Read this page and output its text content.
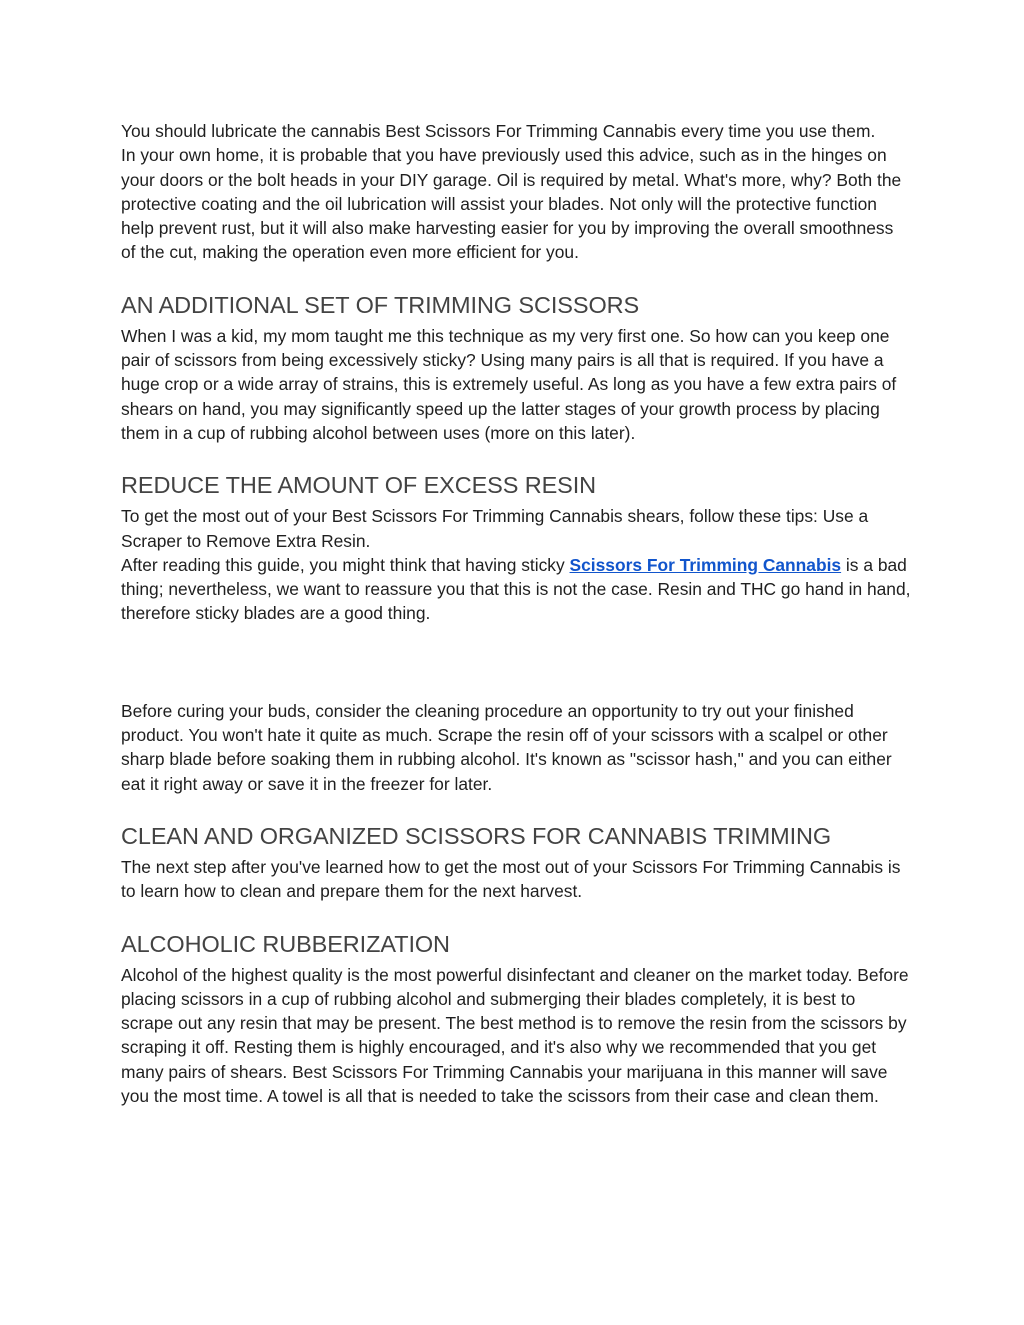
You should lubricate the cannabis Best Scissors For Trimming Cannabis every time you use them.

In your own home, it is probable that you have previously used this advice, such as in the hinges on your doors or the bolt heads in your DIY garage. Oil is required by metal. What's more, why? Both the protective coating and the oil lubrication will assist your blades. Not only will the protective function help prevent rust, but it will also make harvesting easier for you by improving the overall smoothness of the cut, making the operation even more efficient for you.

AN ADDITIONAL SET OF TRIMMING SCISSORS

When I was a kid, my mom taught me this technique as my very first one. So how can you keep one pair of scissors from being excessively sticky? Using many pairs is all that is required. If you have a huge crop or a wide array of strains, this is extremely useful. As long as you have a few extra pairs of shears on hand, you may significantly speed up the latter stages of your growth process by placing them in a cup of rubbing alcohol between uses (more on this later).

REDUCE THE AMOUNT OF EXCESS RESIN

To get the most out of your Best Scissors For Trimming Cannabis shears, follow these tips: Use a Scraper to Remove Extra Resin.

After reading this guide, you might think that having sticky Scissors For Trimming Cannabis is a bad thing; nevertheless, we want to reassure you that this is not the case. Resin and THC go hand in hand, therefore sticky blades are a good thing.

Before curing your buds, consider the cleaning procedure an opportunity to try out your finished product. You won't hate it quite as much. Scrape the resin off of your scissors with a scalpel or other sharp blade before soaking them in rubbing alcohol. It's known as "scissor hash," and you can either eat it right away or save it in the freezer for later.

CLEAN AND ORGANIZED SCISSORS FOR CANNABIS TRIMMING

The next step after you've learned how to get the most out of your Scissors For Trimming Cannabis is to learn how to clean and prepare them for the next harvest.

ALCOHOLIC RUBBERIZATION

Alcohol of the highest quality is the most powerful disinfectant and cleaner on the market today. Before placing scissors in a cup of rubbing alcohol and submerging their blades completely, it is best to scrape out any resin that may be present. The best method is to remove the resin from the scissors by scraping it off. Resting them is highly encouraged, and it's also why we recommended that you get many pairs of shears. Best Scissors For Trimming Cannabis your marijuana in this manner will save you the most time. A towel is all that is needed to take the scissors from their case and clean them.
